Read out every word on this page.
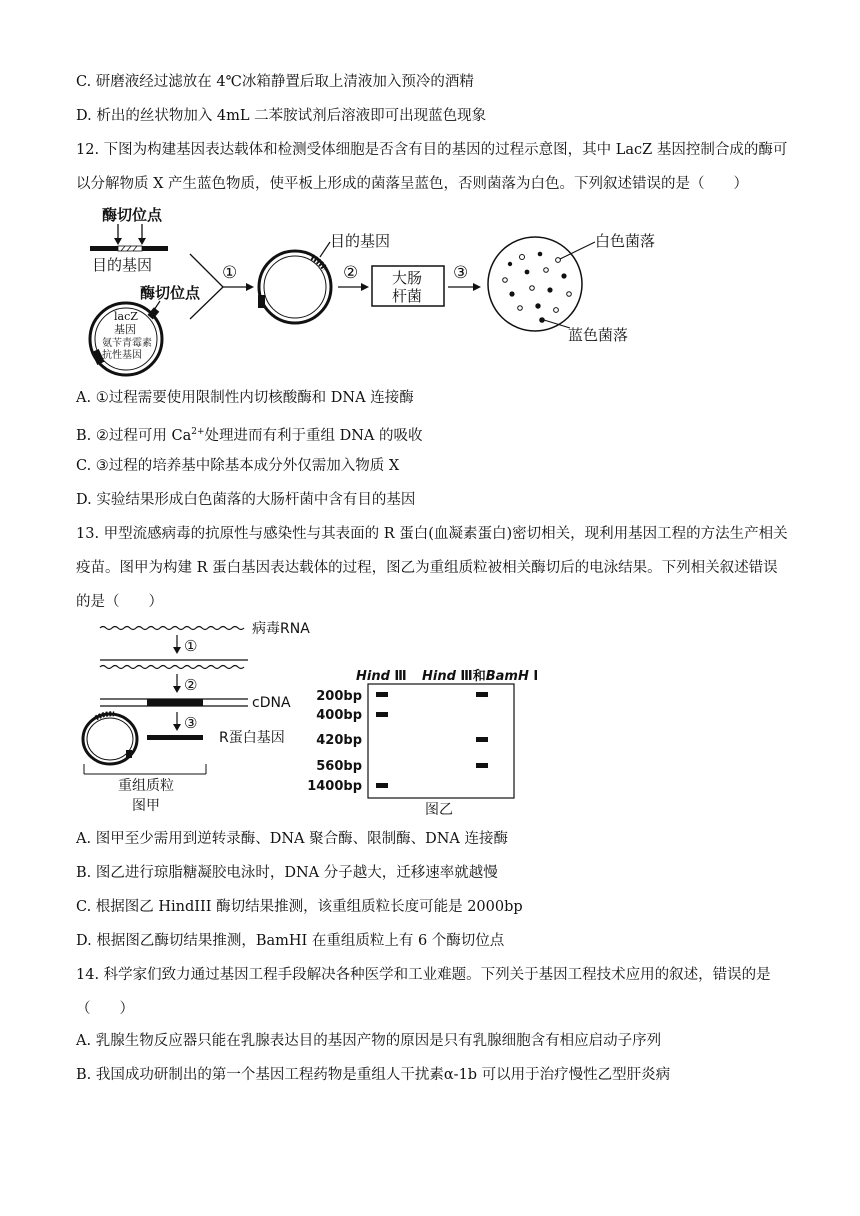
C. 研磨液经过滤放在 4℃冰箱静置后取上清液加入预冷的酒精
D. 析出的丝状物加入 4mL 二苯胺试剂后溶液即可出现蓝色现象
12. 下图为构建基因表达载体和检测受体细胞是否含有目的基因的过程示意图，其中 LacZ 基因控制合成的酶可以分解物质 X 产生蓝色物质，使平板上形成的菌落呈蓝色，否则菌落为白色。下列叙述错误的是（　　）
酶切位点
目的基因
酶切位点
lacZ
基因
氨苄青霉素
抗性基因
①
目的基因
② 大肠
杆菌
③
白色菌落
蓝色菌落
A. ①过程需要使用限制性内切核酸酶和 DNA 连接酶
B. ②过程可用 $Ca^{2+}$处理进而有利于重组 DNA 的吸收
C. ③过程的培养基中除基本成分外仅需加入物质 X
D. 实验结果形成白色菌落的大肠杆菌中含有目的基因
13. 甲型流感病毒的抗原性与感染性与其表面的 R 蛋白(血凝素蛋白)密切相关，现利用基因工程的方法生产相关疫苗。图甲为构建 R 蛋白基因表达载体的过程，图乙为重组质粒被相关酶切后的电泳结果。下列相关叙述错误的是（　　）
病毒RNA
①
②
cDNA
③
R蛋白基因
重组质粒
图甲
Hind Ⅲ Hind Ⅲ和BamH Ⅰ
200bp
400bp
420bp
560bp
1400bp
图乙
A. 图甲至少需用到逆转录酶、DNA 聚合酶、限制酶、DNA 连接酶
B. 图乙进行琼脂糖凝胶电泳时，DNA 分子越大，迁移速率就越慢
C. 根据图乙 HindIII 酶切结果推测，该重组质粒长度可能是 2000bp
D. 根据图乙酶切结果推测，BamHI 在重组质粒上有 6 个酶切位点
14. 科学家们致力通过基因工程手段解决各种医学和工业难题。下列关于基因工程技术应用的叙述，错误的是（　　）
A. 乳腺生物反应器只能在乳腺表达目的基因产物的原因是只有乳腺细胞含有相应启动子序列
B. 我国成功研制出的第一个基因工程药物是重组人干扰素α-1b 可以用于治疗慢性乙型肝炎病
